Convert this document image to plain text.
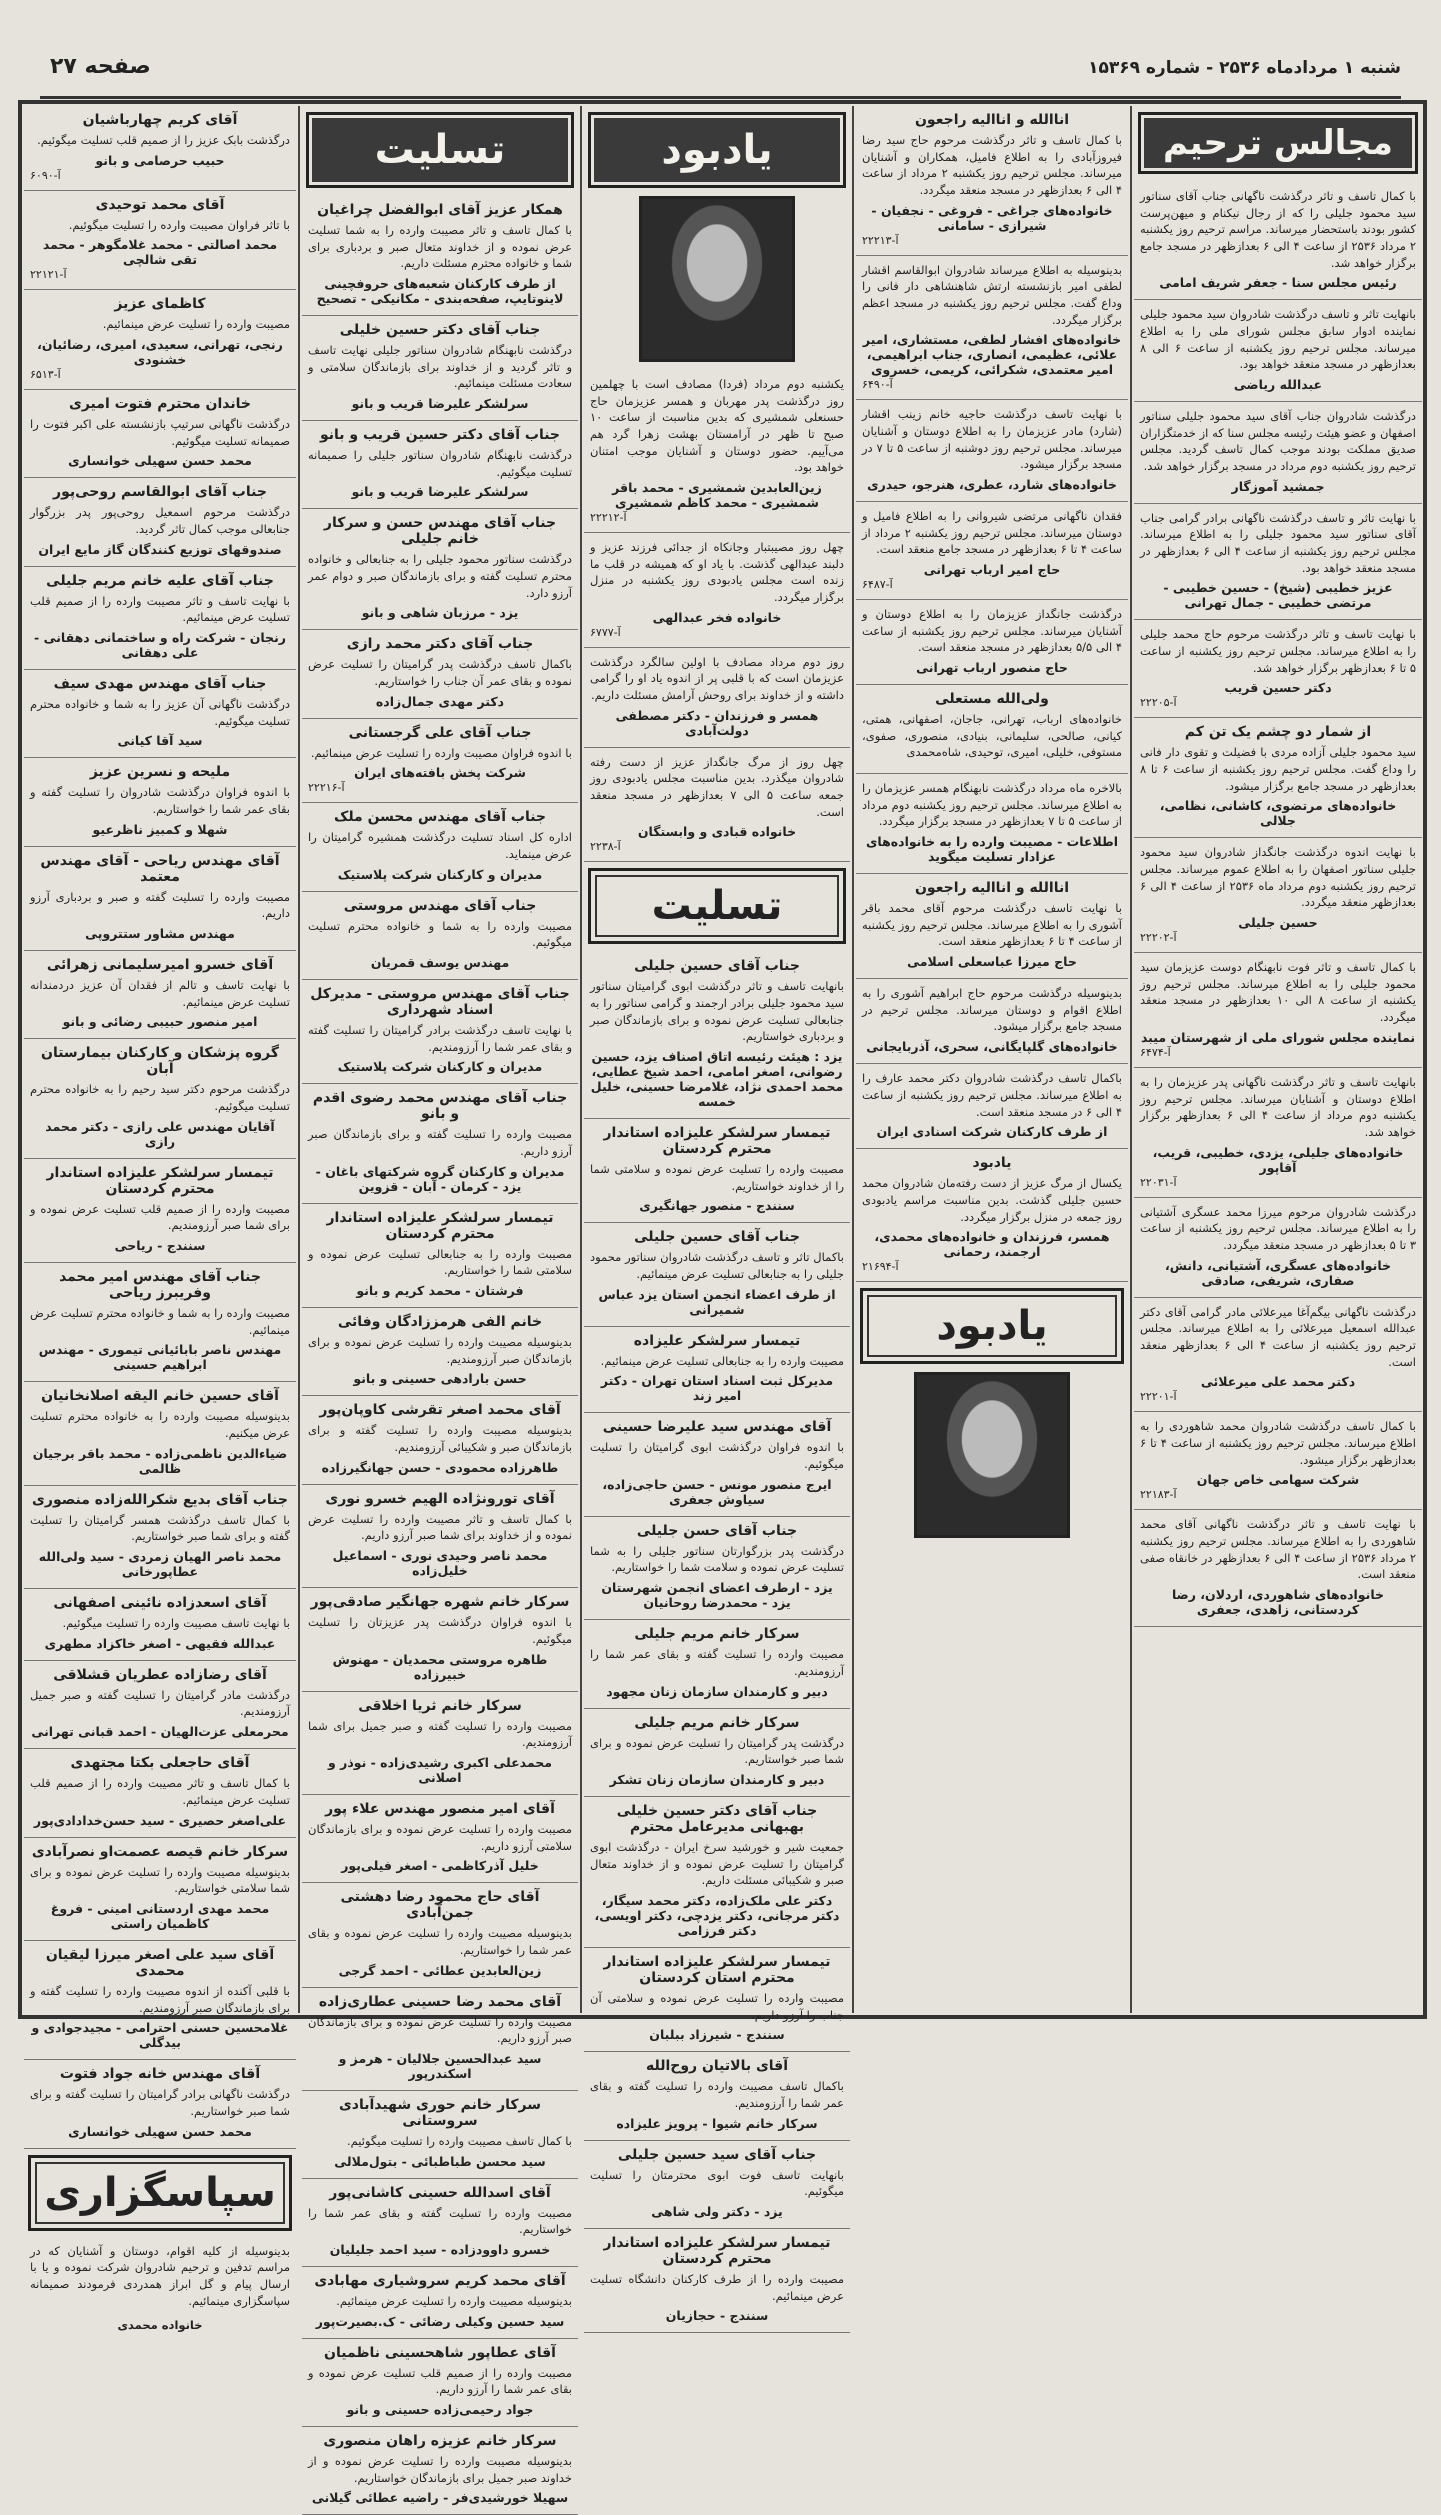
شنبه ۱ مردادماه ۲۵۳۶ - شماره ۱۵۳۶۹
صفحه ۲۷
آقای کریم چهارباشیان

درگذشت بابک عزیز را از صمیم قلب تسلیت میگوئیم.

حبیب حرصامی و بانو
آ-۶۰۹۰
آقای محمد توحیدی

با تاثر فراوان مصیبت وارده را تسلیت میگوئیم.

محمد اصالتی - محمد غلامگوهر - محمد تقی شالچی
آ-۲۲۱۲۱
کاظمای عزیز

مصیبت وارده را تسلیت عرض مینمائیم.

رنجی، تهرانی، سعیدی، امیری، رضائیان، خشنودی
آ-۶۵۱۳
خاندان محترم فتوت امیری

درگذشت ناگهانی سرتیپ بازنشسته علی اکبر فتوت را صمیمانه تسلیت میگوئیم.

محمد حسن سهیلی خوانساری
جناب آقای ابوالقاسم روحی‌پور

درگذشت مرحوم اسمعیل روحی‌پور پدر بزرگوار جنابعالی موجب کمال تاثر گردید.

صندوقهای توزیع کنندگان گاز مایع ایران
جناب آقای علیه خانم مریم جلیلی

با نهایت تاسف و تاثر مصیبت وارده را از صمیم قلب تسلیت عرض مینمائیم.

رنجان - شرکت راه و ساختمانی دهقانی - علی دهقانی
جناب آقای مهندس مهدی سیف

درگذشت ناگهانی آن عزیز را به شما و خانواده محترم تسلیت میگوئیم.

سید آقا کیانی
ملیحه و نسرین عزیز

با اندوه فراوان درگذشت شادروان را تسلیت گفته و بقای عمر شما را خواستاریم.

شهلا و کمبیز ناظرعیو
آقای مهندس ریاحی - آقای مهندس معتمد

مصیبت وارده را تسلیت گفته و صبر و بردباری آرزو داریم.

مهندس مشاور ستتروپی
آقای خسرو امیرسلیمانی زهرائی

با نهایت تاسف و تالم از فقدان آن عزیز دردمندانه تسلیت عرض مینمائیم.

امیر منصور حبیبی رضائی و بانو
گروه پزشکان و کارکنان بیمارستان آبان

درگذشت مرحوم دکتر سید رحیم را به خانواده محترم تسلیت میگوئیم.

آقایان مهندس علی رازی - دکتر محمد رازی
تیمسار سرلشکر علیزاده استاندار محترم کردستان

مصیبت وارده را از صمیم قلب تسلیت عرض نموده و برای شما صبر آرزومندیم.

سنندج - ریاحی
جناب آقای مهندس امیر محمد وفریبرز ریاحی

مصیبت وارده را به شما و خانواده محترم تسلیت عرض مینمائیم.

مهندس ناصر بابائیانی تیموری - مهندس ابراهیم حسینی
آقای حسین خانم الیقه اصلانخانیان

بدینوسیله مصیبت وارده را به خانواده محترم تسلیت عرض میکنیم.

ضیاءالدین ناظمی‌زاده - محمد باقر برجیان ظالمی
جناب آقای بدیع شکرالله‌زاده منصوری

با کمال تاسف درگذشت همسر گرامیتان را تسلیت گفته و برای شما صبر خواستاریم.

محمد ناصر الهیان زمردی - سید ولی‌الله عطاپورخانی
آقای اسعدزاده نائینی اصفهانی

با نهایت تاسف مصیبت وارده را تسلیت میگوئیم.

عبدالله فقیهی - اصغر خاکزاد مطهری
آقای رضازاده عطریان قشلاقی

درگذشت مادر گرامیتان را تسلیت گفته و صبر جمیل آرزومندیم.

محرمعلی عزت‌الهیان - احمد قبانی تهرانی
آقای حاجعلی بکتا مجتهدی

با کمال تاسف و تاثر مصیبت وارده را از صمیم قلب تسلیت عرض مینمائیم.

علی‌اصغر حصیری - سید حسن‌خدادادی‌پور
سرکار خانم قیصه عصمت‌او نصرآبادی

بدینوسیله مصیبت وارده را تسلیت عرض نموده و برای شما سلامتی خواستاریم.

محمد مهدی اردستانی امینی - فروغ کاظمیان راستی
آقای سید علی اصغر میرزا لیقیان محمدی

با قلبی آکنده از اندوه مصیبت وارده را تسلیت گفته و برای بازماندگان صبر آرزومندیم.

غلامحسین حسنی احترامی - مجیدجوادی و بیدگلی
آقای مهندس خانه جواد فتوت

درگذشت ناگهانی برادر گرامیتان را تسلیت گفته و برای شما صبر خواستاریم.

محمد حسن سهیلی خوانساری
سپاسگزاری
بدینوسیله از کلیه اقوام، دوستان و آشنایان که در مراسم تدفین و ترحیم شادروان شرکت نموده و یا با ارسال پیام و گل ابراز همدردی فرمودند صمیمانه سپاسگزاری مینمائیم.
خانواده محمدی
تسلیت
همکار عزیز آقای ابوالفضل چراغیان

با کمال تاسف و تاثر مصیبت وارده را به شما تسلیت عرض نموده و از خداوند متعال صبر و بردباری برای شما و خانواده محترم مسئلت داریم.

از طرف کارکنان شعبه‌های حروفچینی لاینوتایپ، صفحه‌بندی - مکانیکی - تصحیح
جناب آقای دکتر حسین خلیلی

درگذشت نابهنگام شادروان سناتور جلیلی نهایت تاسف و تاثر گردید و از خداوند برای بازماندگان سلامتی و سعادت مسئلت مینمائیم.

سرلشکر علیرضا قریب و بانو
جناب آقای دکتر حسین قریب و بانو

درگذشت نابهنگام شادروان سناتور جلیلی را صمیمانه تسلیت میگوئیم.

سرلشکر علیرضا قریب و بانو
جناب آقای مهندس حسن و سرکار خانم جلیلی

درگذشت سناتور محمود جلیلی را به جنابعالی و خانواده محترم تسلیت گفته و برای بازماندگان صبر و دوام عمر آرزو دارد.

یزد - مرزبان شاهی و بانو
جناب آقای دکتر محمد رازی

باکمال تاسف درگذشت پدر گرامیتان را تسلیت عرض نموده و بقای عمر آن جناب را خواستاریم.

دکتر مهدی جمال‌زاده
جناب آقای علی گرجستانی

با اندوه فراوان مصیبت وارده را تسلیت عرض مینمائیم.

شرکت پخش بافته‌های ایران
آ-۲۲۲۱۶
جناب آقای مهندس محسن ملک

اداره کل اسناد تسلیت درگذشت همشیره گرامیتان را عرض مینماید.

مدیران و کارکنان شرکت پلاستیک
جناب آقای مهندس مروستی

مصیبت وارده را به شما و خانواده محترم تسلیت میگوئیم.

مهندس یوسف قمریان
جناب آقای مهندس مروستی - مدیرکل اسناد شهرداری

با نهایت تاسف درگذشت برادر گرامیتان را تسلیت گفته و بقای عمر شما را آرزومندیم.

مدیران و کارکنان شرکت پلاستیک
جناب آقای مهندس محمد رضوی اقدم و بانو

مصیبت وارده را تسلیت گفته و برای بازماندگان صبر آرزو داریم.

مدیران و کارکنان گروه شرکتهای باغان - یزد - کرمان - آبان - قزوین
تیمسار سرلشکر علیزاده استاندار محترم کردستان

مصیبت وارده را به جنابعالی تسلیت عرض نموده و سلامتی شما را خواستاریم.

فرشتان - محمد کریم و بانو
خانم الفی هرمززادگان وفائی

بدینوسیله مصیبت وارده را تسلیت عرض نموده و برای بازماندگان صبر آرزومندیم.

حسن بارادهی حسینی و بانو
آقای محمد اصغر تقرشی کاوپان‌پور

بدینوسیله مصیبت وارده را تسلیت گفته و برای بازماندگان صبر و شکیبائی آرزومندیم.

طاهرزاده محمودی - حسن جهانگیرزاده
آقای تورونژاده الهیم خسرو نوری

با کمال تاسف و تاثر مصیبت وارده را تسلیت عرض نموده و از خداوند برای شما صبر آرزو داریم.

محمد ناصر وحیدی نوری - اسماعیل خلیل‌زاده
سرکار خانم شهره جهانگیر صادقی‌پور

با اندوه فراوان درگذشت پدر عزیزتان را تسلیت میگوئیم.

طاهره مروستی محمدیان - مهنوش خبیرزاده
سرکار خانم ثریا اخلاقی

مصیبت وارده را تسلیت گفته و صبر جمیل برای شما آرزومندیم.

محمدعلی اکبری رشیدی‌زاده - نوذر و اصلانی
آقای امیر منصور مهندس علاء پور

مصیبت وارده را تسلیت عرض نموده و برای بازماندگان سلامتی آرزو داریم.

خلیل آذرکاظمی - اصغر فیلی‌پور
آقای حاج محمود رضا دهشتی جمن‌آبادی

بدینوسیله مصیبت وارده را تسلیت عرض نموده و بقای عمر شما را خواستاریم.

زین‌العابدین عطائی - احمد گرجی
آقای محمد رضا حسینی عطاری‌زاده

مصیبت وارده را تسلیت عرض نموده و برای بازماندگان صبر آرزو داریم.

سید عبدالحسین جلالیان - هرمز و اسکندرپور
سرکار خانم حوری شهیدآبادی سروستانی

با کمال تاسف مصیبت وارده را تسلیت میگوئیم.

سید محسن طباطبائی - بتول‌ملالی
آقای اسدالله حسینی کاشانی‌پور

مصیبت وارده را تسلیت گفته و بقای عمر شما را خواستاریم.

خسرو داوودزاده - سید احمد جلیلیان
آقای محمد کریم سروشیاری مهابادی

بدینوسیله مصیبت وارده را تسلیت عرض مینمائیم.

سید حسین وکیلی رضائی - ک.بصیرت‌پور
آقای عطاپور شاهحسینی ناظمیان

مصیبت وارده را از صمیم قلب تسلیت عرض نموده و بقای عمر شما را آرزو داریم.

جواد رحیمی‌زاده حسینی و بانو
سرکار خانم عزیزه راهان منصوری

بدینوسیله مصیبت وارده را تسلیت عرض نموده و از خداوند صبر جمیل برای بازماندگان خواستاریم.

سهیلا خورشیدی‌فر - راضیه عطائی گیلانی
یادبود

یکشنبه دوم مرداد (فردا) مصادف است با چهلمین روز درگذشت پدر مهربان و همسر عزیزمان حاج حسنعلی شمشیری که بدین مناسبت از ساعت ۱۰ صبح تا ظهر در آرامستان بهشت زهرا گرد هم می‌آییم. حضور دوستان و آشنایان موجب امتنان خواهد بود.

زین‌العابدین شمشیری - محمد باقر شمشیری - محمد کاظم شمشیری
آ-۲۲۲۱۲

چهل روز مصیبتبار وجانکاه از جدائی فرزند عزیز و دلبند عبدالهی گذشت. با یاد او که همیشه در قلب ما زنده است مجلس یادبودی روز یکشنبه در منزل برگزار میگردد.

خانواده فخر عبدالهی
آ-۶۷۷۷

روز دوم مرداد مصادف با اولین سالگرد درگذشت عزیزمان است که با قلبی پر از اندوه یاد او را گرامی داشته و از خداوند برای روحش آرامش مسئلت داریم.

همسر و فرزندان - دکتر مصطفی دولت‌آبادی

چهل روز از مرگ جانگداز عزیز از دست رفته شادروان میگذرد. بدین مناسبت مجلس یادبودی روز جمعه ساعت ۵ الی ۷ بعدازظهر در مسجد منعقد است.

خانواده قبادی و وابستگان
آ-۲۲۳۸
تسلیت
جناب آقای حسین جلیلی

بانهایت تاسف و تاثر درگذشت ابوی گرامیتان سناتور سید محمود جلیلی برادر ارجمند و گرامی سناتور را به جنابعالی تسلیت عرض نموده و برای بازماندگان صبر و بردباری خواستاریم.

یزد : هیئت رئیسه اتاق اصناف یزد، حسین رضوانی، اصغر امامی، احمد شیخ عطایی، محمد احمدی نژاد، غلامرضا حسینی، خلیل خمسه
تیمسار سرلشکر علیزاده استاندار محترم کردستان

مصیبت وارده را تسلیت عرض نموده و سلامتی شما را از خداوند خواستاریم.

سنندج - منصور جهانگیری
جناب آقای حسین جلیلی

باکمال تاثر و تاسف درگذشت شادروان سناتور محمود جلیلی را به جنابعالی تسلیت عرض مینمائیم.

از طرف اعضاء انجمن استان یزد عباس شمیرانی
تیمسار سرلشکر علیزاده

مصیبت وارده را به جنابعالی تسلیت عرض مینمائیم.

مدیرکل ثبت اسناد استان تهران - دکتر امیر زند
آقای مهندس سید علیرضا حسینی

با اندوه فراوان درگذشت ابوی گرامیتان را تسلیت میگوئیم.

ایرج منصور مونس - حسن حاجی‌زاده، سیاوش جعفری
جناب آقای حسن جلیلی

درگذشت پدر بزرگوارتان سناتور جلیلی را به شما تسلیت عرض نموده و سلامت شما را خواستاریم.

یزد - ارطرف اعضای انجمن شهرستان یزد - محمدرضا روحانیان
سرکار خانم مریم جلیلی

مصیبت وارده را تسلیت گفته و بقای عمر شما را آرزومندیم.

دبیر و کارمندان سازمان زنان مجهود
سرکار خانم مریم جلیلی

درگذشت پدر گرامیتان را تسلیت عرض نموده و برای شما صبر خواستاریم.

دبیر و کارمندان سازمان زنان تشکر
جناب آقای دکتر حسین خلیلی بهبهانی مدیرعامل محترم

جمعیت شیر و خورشید سرخ ایران - درگذشت ابوی گرامیتان را تسلیت عرض نموده و از خداوند متعال صبر و شکیبائی مسئلت داریم.

دکتر علی ملک‌زاده، دکتر محمد سیگار، دکتر مرجانی، دکتر یزدچی، دکتر اویسی، دکتر فرزامی
تیمسار سرلشکر علیزاده استاندار محترم استان کردستان

مصیبت وارده را تسلیت عرض نموده و سلامتی آن جناب را آرزو داریم.

سنندج - شیرزاد ببلبان
آقای بالاتیان روح‌الله

باکمال تاسف مصیبت وارده را تسلیت گفته و بقای عمر شما را آرزومندیم.

سرکار خانم شیوا - پرویز علیزاده
جناب آقای سید حسین جلیلی

بانهایت تاسف فوت ابوی محترمتان را تسلیت میگوئیم.

یزد - دکتر ولی شاهی
تیمسار سرلشکر علیزاده استاندار محترم کردستان

مصیبت وارده را از طرف کارکنان دانشگاه تسلیت عرض مینمائیم.

سنندج - حجازیان
اناالله و اناالیه راجعون

با کمال تاسف و تاثر درگذشت مرحوم حاج سید رضا فیروزآبادی را به اطلاع فامیل، همکاران و آشنایان میرساند. مجلس ترحیم روز یکشنبه ۲ مرداد از ساعت ۴ الی ۶ بعدازظهر در مسجد منعقد میگردد.

خانواده‌های جراغی - فروغی - نجفیان - شیرازی - سامانی
آ-۲۲۲۱۳

بدینوسیله به اطلاع میرساند شادروان ابوالقاسم اقشار لطفی امیر بازنشسته ارتش شاهنشاهی دار فانی را وداع گفت. مجلس ترحیم روز یکشنبه در مسجد اعظم برگزار میگردد.

خانواده‌های افشار لطفی، مستشاری، امیر علائی، عظیمی، انصاری، جناب ابراهیمی، امیر معتمدی، شکرائی، کریمی، خسروی
آ-۶۴۹۰

با نهایت تاسف درگذشت حاجیه خانم زینب اقشار (شارد) مادر عزیزمان را به اطلاع دوستان و آشنایان میرساند. مجلس ترحیم روز دوشنبه از ساعت ۵ تا ۷ در مسجد برگزار میشود.

خانواده‌های شارد، عطری، هنرجو، حیدری

فقدان ناگهانی مرتضی شیروانی را به اطلاع فامیل و دوستان میرساند. مجلس ترحیم روز یکشنبه ۲ مرداد از ساعت ۴ تا ۶ بعدازظهر در مسجد جامع منعقد است.

حاج امیر ارباب تهرانی
آ-۶۴۸۷

درگذشت جانگداز عزیزمان را به اطلاع دوستان و آشنایان میرساند. مجلس ترحیم روز یکشنبه از ساعت ۴ الی ۵/۵ بعدازظهر در مسجد منعقد است.

حاج منصور ارباب تهرانی
ولی‌الله مستعلی

خانواده‌های ارباب، تهرانی، جاجان، اصفهانی، همتی، کیانی، صالحی، سلیمانی، بنیادی، منصوری، صفوی، مستوفی، خلیلی، امیری، توحیدی، شاه‌محمدی

بالاخره ماه مرداد درگذشت نابهنگام همسر عزیزمان را به اطلاع میرساند. مجلس ترحیم روز یکشنبه دوم مرداد از ساعت ۵ تا ۷ بعدازظهر در مسجد برگزار میگردد.

اطلاعات - مصیبت وارده را به خانواده‌های عزادار تسلیت میگوید
اناالله و اناالیه راجعون

با نهایت تاسف درگذشت مرحوم آقای محمد باقر آشوری را به اطلاع میرساند. مجلس ترحیم روز یکشنبه از ساعت ۴ تا ۶ بعدازظهر منعقد است.

حاج میرزا عباسعلی اسلامی

بدینوسیله درگذشت مرحوم حاج ابراهیم آشوری را به اطلاع اقوام و دوستان میرساند. مجلس ترحیم در مسجد جامع برگزار میشود.

خانواده‌های گلپایگانی، سحری، آذربایجانی

باکمال تاسف درگذشت شادروان دکتر محمد عارف را به اطلاع میرساند. مجلس ترحیم روز یکشنبه از ساعت ۴ الی ۶ در مسجد منعقد است.

از طرف کارکنان شرکت اسنادی ایران
یادبود

یکسال از مرگ عزیز از دست رفته‌مان شادروان محمد حسین جلیلی گذشت. بدین مناسبت مراسم یادبودی روز جمعه در منزل برگزار میگردد.

همسر، فرزندان و خانواده‌های محمدی، ارجمند، رحمانی
آ-۲۱۶۹۴
یادبود
مجالس ترحیم

با کمال تاسف و تاثر درگذشت ناگهانی جناب آقای سناتور سید محمود جلیلی را که از رجال نیکنام و میهن‌پرست کشور بودند باستحضار میرساند. مراسم ترحیم روز یکشنبه ۲ مرداد ۲۵۳۶ از ساعت ۴ الی ۶ بعدازظهر در مسجد جامع برگزار خواهد شد.

رئیس مجلس سنا - جعفر شریف امامی

بانهایت تاثر و تاسف درگذشت شادروان سید محمود جلیلی نماینده ادوار سابق مجلس شورای ملی را به اطلاع میرساند. مجلس ترحیم روز یکشنبه از ساعت ۶ الی ۸ بعدازظهر در مسجد منعقد خواهد بود.

عبدالله ریاضی

درگذشت شادروان جناب آقای سید محمود جلیلی سناتور اصفهان و عضو هیئت رئیسه مجلس سنا که از خدمتگزاران صدیق مملکت بودند موجب کمال تاسف گردید. مجلس ترحیم روز یکشنبه دوم مرداد در مسجد برگزار خواهد شد.

جمشید آموزگار

با نهایت تاثر و تاسف درگذشت ناگهانی برادر گرامی جناب آقای سناتور سید محمود جلیلی را به اطلاع میرساند. مجلس ترحیم روز یکشنبه از ساعت ۴ الی ۶ بعدازظهر در مسجد منعقد خواهد بود.

عزیز خطیبی (شیخ) - حسین خطیبی - مرتضی خطیبی - جمال تهرانی

با نهایت تاسف و تاثر درگذشت مرحوم حاج محمد جلیلی را به اطلاع میرساند. مجلس ترحیم روز یکشنبه از ساعت ۵ تا ۶ بعدازظهر برگزار خواهد شد.

دکتر حسین قریب
آ-۲۲۲۰۵
از شمار دو چشم یک تن کم

سید محمود جلیلی آزاده مردی با فضیلت و تقوی دار فانی را وداع گفت. مجلس ترحیم روز یکشنبه از ساعت ۶ تا ۸ بعدازظهر در مسجد جامع برگزار میشود.

خانواده‌های مرتضوی، کاشانی، نظامی، جلالی

با نهایت اندوه درگذشت جانگداز شادروان سید محمود جلیلی سناتور اصفهان را به اطلاع عموم میرساند. مجلس ترحیم روز یکشنبه دوم مرداد ماه ۲۵۳۶ از ساعت ۴ الی ۶ بعدازظهر منعقد میگردد.

حسین جلیلی
آ-۲۲۲۰۲

با کمال تاسف و تاثر فوت نابهنگام دوست عزیزمان سید محمود جلیلی را به اطلاع میرساند. مجلس ترحیم روز یکشنبه از ساعت ۸ الی ۱۰ بعدازظهر در مسجد منعقد میگردد.

نماینده مجلس شورای ملی از شهرستان میبد
آ-۶۴۷۴

بانهایت تاسف و تاثر درگذشت ناگهانی پدر عزیزمان را به اطلاع دوستان و آشنایان میرساند. مجلس ترحیم روز یکشنبه دوم مرداد از ساعت ۴ الی ۶ بعدازظهر برگزار خواهد شد.

خانواده‌های جلیلی، یزدی، خطیبی، قریب، آقاپور
آ-۲۲۰۳۱

درگذشت شادروان مرحوم میرزا محمد عسگری آشتیانی را به اطلاع میرساند. مجلس ترحیم روز یکشنبه از ساعت ۳ تا ۵ بعدازظهر در مسجد منعقد میگردد.

خانواده‌های عسگری، آشتیانی، دانش، صفاری، شریفی، صادقی

درگذشت ناگهانی بیگم‌آغا میرعلائی مادر گرامی آقای دکتر عبدالله اسمعیل میرعلائی را به اطلاع میرساند. مجلس ترحیم روز یکشنبه از ساعت ۴ الی ۶ بعدازظهر منعقد است.

دکتر محمد علی میرعلائی
آ-۲۲۲۰۱

با کمال تاسف درگذشت شادروان محمد شاهوردی را به اطلاع میرساند. مجلس ترحیم روز یکشنبه از ساعت ۴ تا ۶ بعدازظهر برگزار میشود.

شرکت سهامی خاص جهان
آ-۲۲۱۸۳

با نهایت تاسف و تاثر درگذشت ناگهانی آقای محمد شاهوردی را به اطلاع میرساند. مجلس ترحیم روز یکشنبه ۲ مرداد ۲۵۳۶ از ساعت ۴ الی ۶ بعدازظهر در خانقاه صفی منعقد است.

خانواده‌های شاهوردی، اردلان، رضا کردستانی، زاهدی، جعفری
